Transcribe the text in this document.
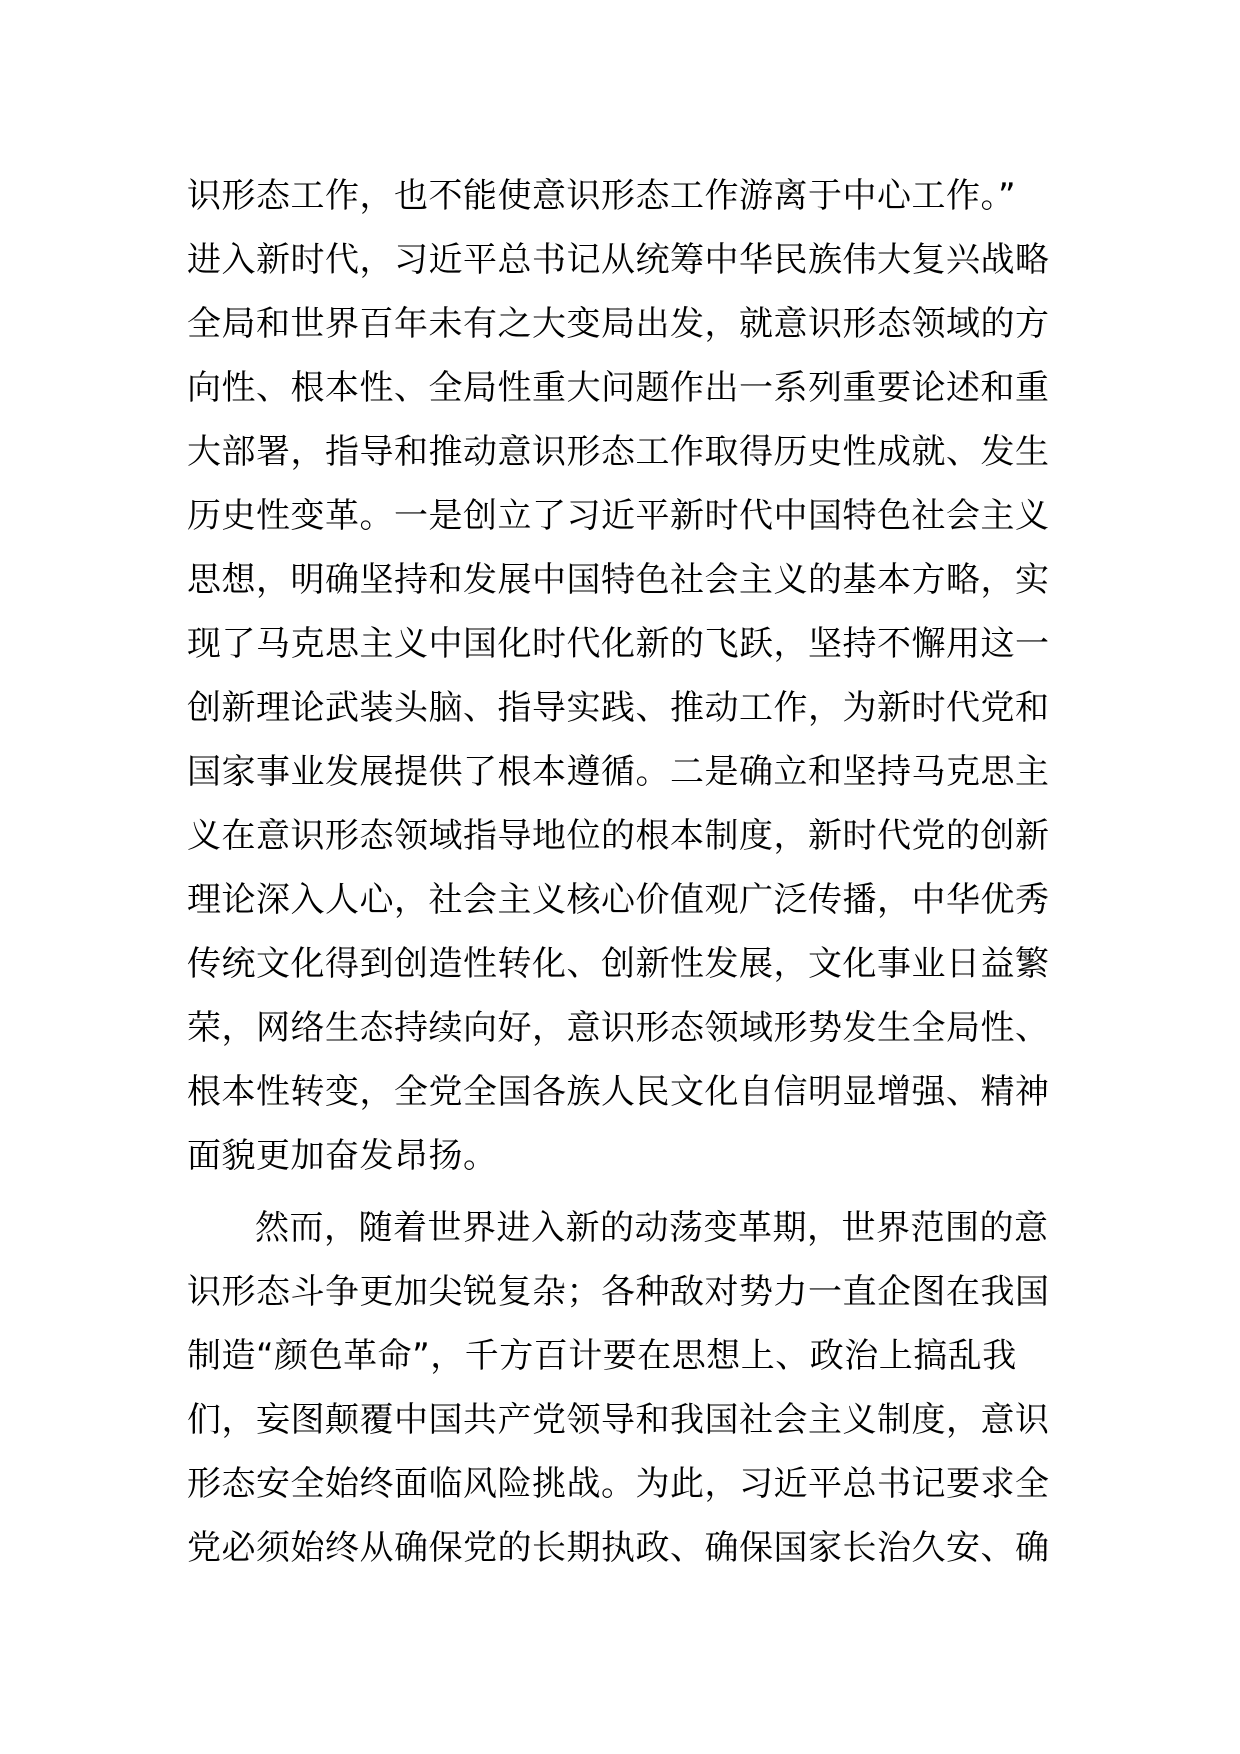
识形态工作，也不能使意识形态工作游离于中心工作。”
进入新时代，习近平总书记从统筹中华民族伟大复兴战略
全局和世界百年未有之大变局出发，就意识形态领域的方
向性、根本性、全局性重大问题作出一系列重要论述和重
大部署，指导和推动意识形态工作取得历史性成就、发生
历史性变革。一是创立了习近平新时代中国特色社会主义
思想，明确坚持和发展中国特色社会主义的基本方略，实
现了马克思主义中国化时代化新的飞跃，坚持不懈用这一
创新理论武装头脑、指导实践、推动工作，为新时代党和
国家事业发展提供了根本遵循。二是确立和坚持马克思主
义在意识形态领域指导地位的根本制度，新时代党的创新
理论深入人心，社会主义核心价值观广泛传播，中华优秀
传统文化得到创造性转化、创新性发展，文化事业日益繁
荣，网络生态持续向好，意识形态领域形势发生全局性、
根本性转变，全党全国各族人民文化自信明显增强、精神
面貌更加奋发昂扬。
然而，随着世界进入新的动荡变革期，世界范围的意
识形态斗争更加尖锐复杂；各种敌对势力一直企图在我国
制造“颜色革命”，千方百计要在思想上、政治上搞乱我
们，妄图颠覆中国共产党领导和我国社会主义制度，意识
形态安全始终面临风险挑战。为此，习近平总书记要求全
党必须始终从确保党的长期执政、确保国家长治久安、确
